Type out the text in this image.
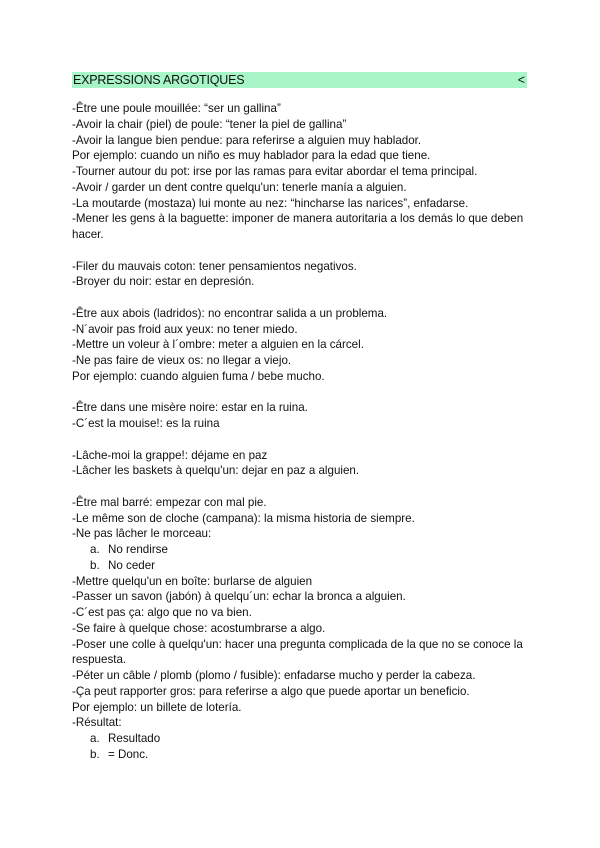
EXPRESSIONS ARGOTIQUES	<
-Être une poule mouillée: “ser un gallina”
-Avoir la chair (piel) de poule: “tener la piel de gallina”
-Avoir la langue bien pendue: para referirse a alguien muy hablador.
Por ejemplo: cuando un niño es muy hablador para la edad que tiene.
-Tourner autour du pot: irse por las ramas para evitar abordar el tema principal.
-Avoir / garder un dent contre quelqu'un: tenerle manía a alguien.
-La moutarde (mostaza) lui monte au nez: “hincharse las narices”, enfadarse.
-Mener les gens à la baguette: imponer de manera autoritaria a los demás lo que deben hacer.
-Filer du mauvais coton: tener pensamientos negativos.
-Broyer du noir: estar en depresión.
-Être aux abois (ladridos): no encontrar salida a un problema.
-N´avoir pas froid aux yeux: no tener miedo.
-Mettre un voleur à l´ombre: meter a alguien en la cárcel.
-Ne pas faire de vieux os: no llegar a viejo.
Por ejemplo: cuando alguien fuma / bebe mucho.
-Être dans une misère noire: estar en la ruina.
-C´est la mouise!: es la ruina
-Lâche-moi la grappe!: déjame en paz
-Lâcher les baskets à quelqu'un: dejar en paz a alguien.
-Être mal barré: empezar con mal pie.
-Le même son de cloche (campana): la misma historia de siempre.
-Ne pas lâcher le morceau:
a. No rendirse
b. No ceder
-Mettre quelqu'un en boîte: burlarse de alguien
-Passer un savon (jabón) à quelqu´un: echar la bronca a alguien.
-C´est pas ça: algo que no va bien.
-Se faire à quelque chose: acostumbrarse a algo.
-Poser une colle à quelqu'un: hacer una pregunta complicada de la que no se conoce la respuesta.
-Péter un câble / plomb (plomo / fusible): enfadarse mucho y perder la cabeza.
-Ça peut rapporter gros: para referirse a algo que puede aportar un beneficio.
Por ejemplo: un billete de lotería.
-Résultat:
a. Resultado
b. = Donc.
